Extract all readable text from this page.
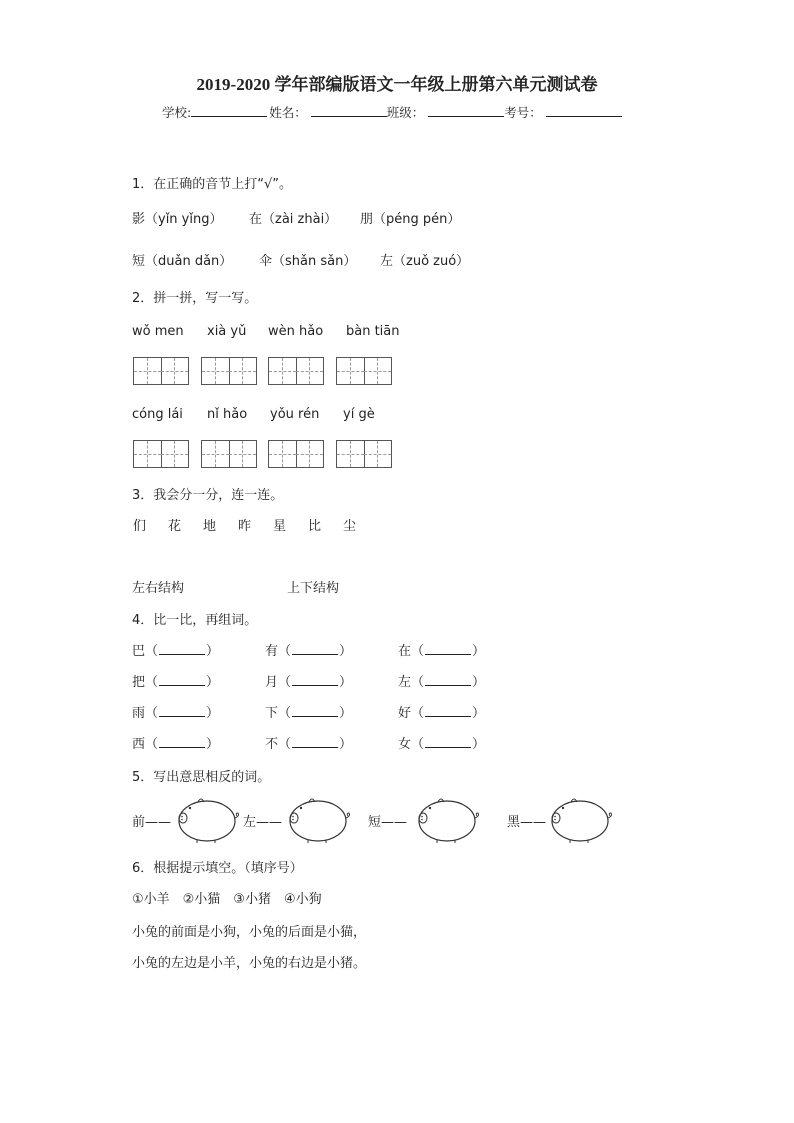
2019-2020 学年部编版语文一年级上册第六单元测试卷
学校:	姓名：	班级：	考号：
1．在正确的音节上打“√”。
影（yǐn yǐng） 在（zài zhài） 朋（péng pén）
短（duǎn dǎn） 伞（shǎn sǎn） 左（zuǒ zuó）
2．拼一拼，写一写。
wǒ men xià yǔ wèn hǎo bàn tiān
cóng lái nǐ hǎo yǒu rén yí gè
3．我会分一分，连一连。
们 花 地 昨 星 比 尘
左右结构	上下结构
4．比一比，再组词。
巴（	）	有（	）	在（	）
把（	）	月（	）	左（	）
雨（	）	下（	）	好（	）
西（	）	不（	）	女（	）
5．写出意思相反的词。
前——	左——	短——	黑——
6．根据提示填空。（填序号）
①小羊　②小猫　③小猪　④小狗
小兔的前面是小狗，小兔的后面是小猫，
小兔的左边是小羊，小兔的右边是小猪。
